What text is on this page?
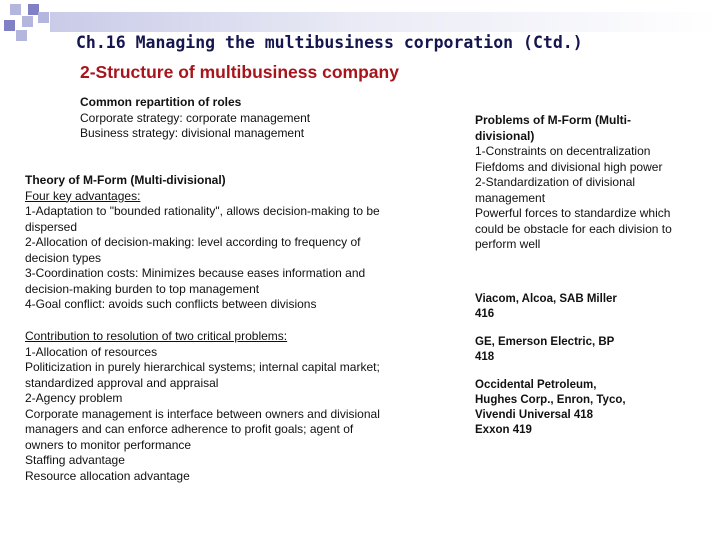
Ch.16 Managing the multibusiness corporation (Ctd.)
2-Structure of multibusiness company
Common repartition of roles
Corporate strategy: corporate management
Business strategy: divisional management
Theory of M-Form (Multi-divisional)
Four key advantages:
1-Adaptation to "bounded rationality", allows decision-making to be
dispersed
2-Allocation of decision-making: level according to frequency of
decision types
3-Coordination costs: Minimizes because eases information and
decision-making burden to top management
4-Goal conflict: avoids such conflicts between divisions
Contribution to resolution of two critical problems:
1-Allocation of resources
Politicization in purely hierarchical systems; internal capital market;
standardized approval and appraisal
2-Agency problem
Corporate management is interface between owners and divisional
managers and can enforce adherence to profit goals; agent of
owners to monitor performance
Staffing advantage
Resource allocation advantage
Problems of M-Form (Multi-
divisional)
1-Constraints on decentralization
Fiefdoms and divisional high power
2-Standardization of divisional
management
Powerful forces to standardize which
could be obstacle for each division to
perform well
Viacom, Alcoa, SAB Miller
416
GE, Emerson Electric, BP
418
Occidental Petroleum,
Hughes Corp., Enron, Tyco,
Vivendi Universal 418
Exxon 419
